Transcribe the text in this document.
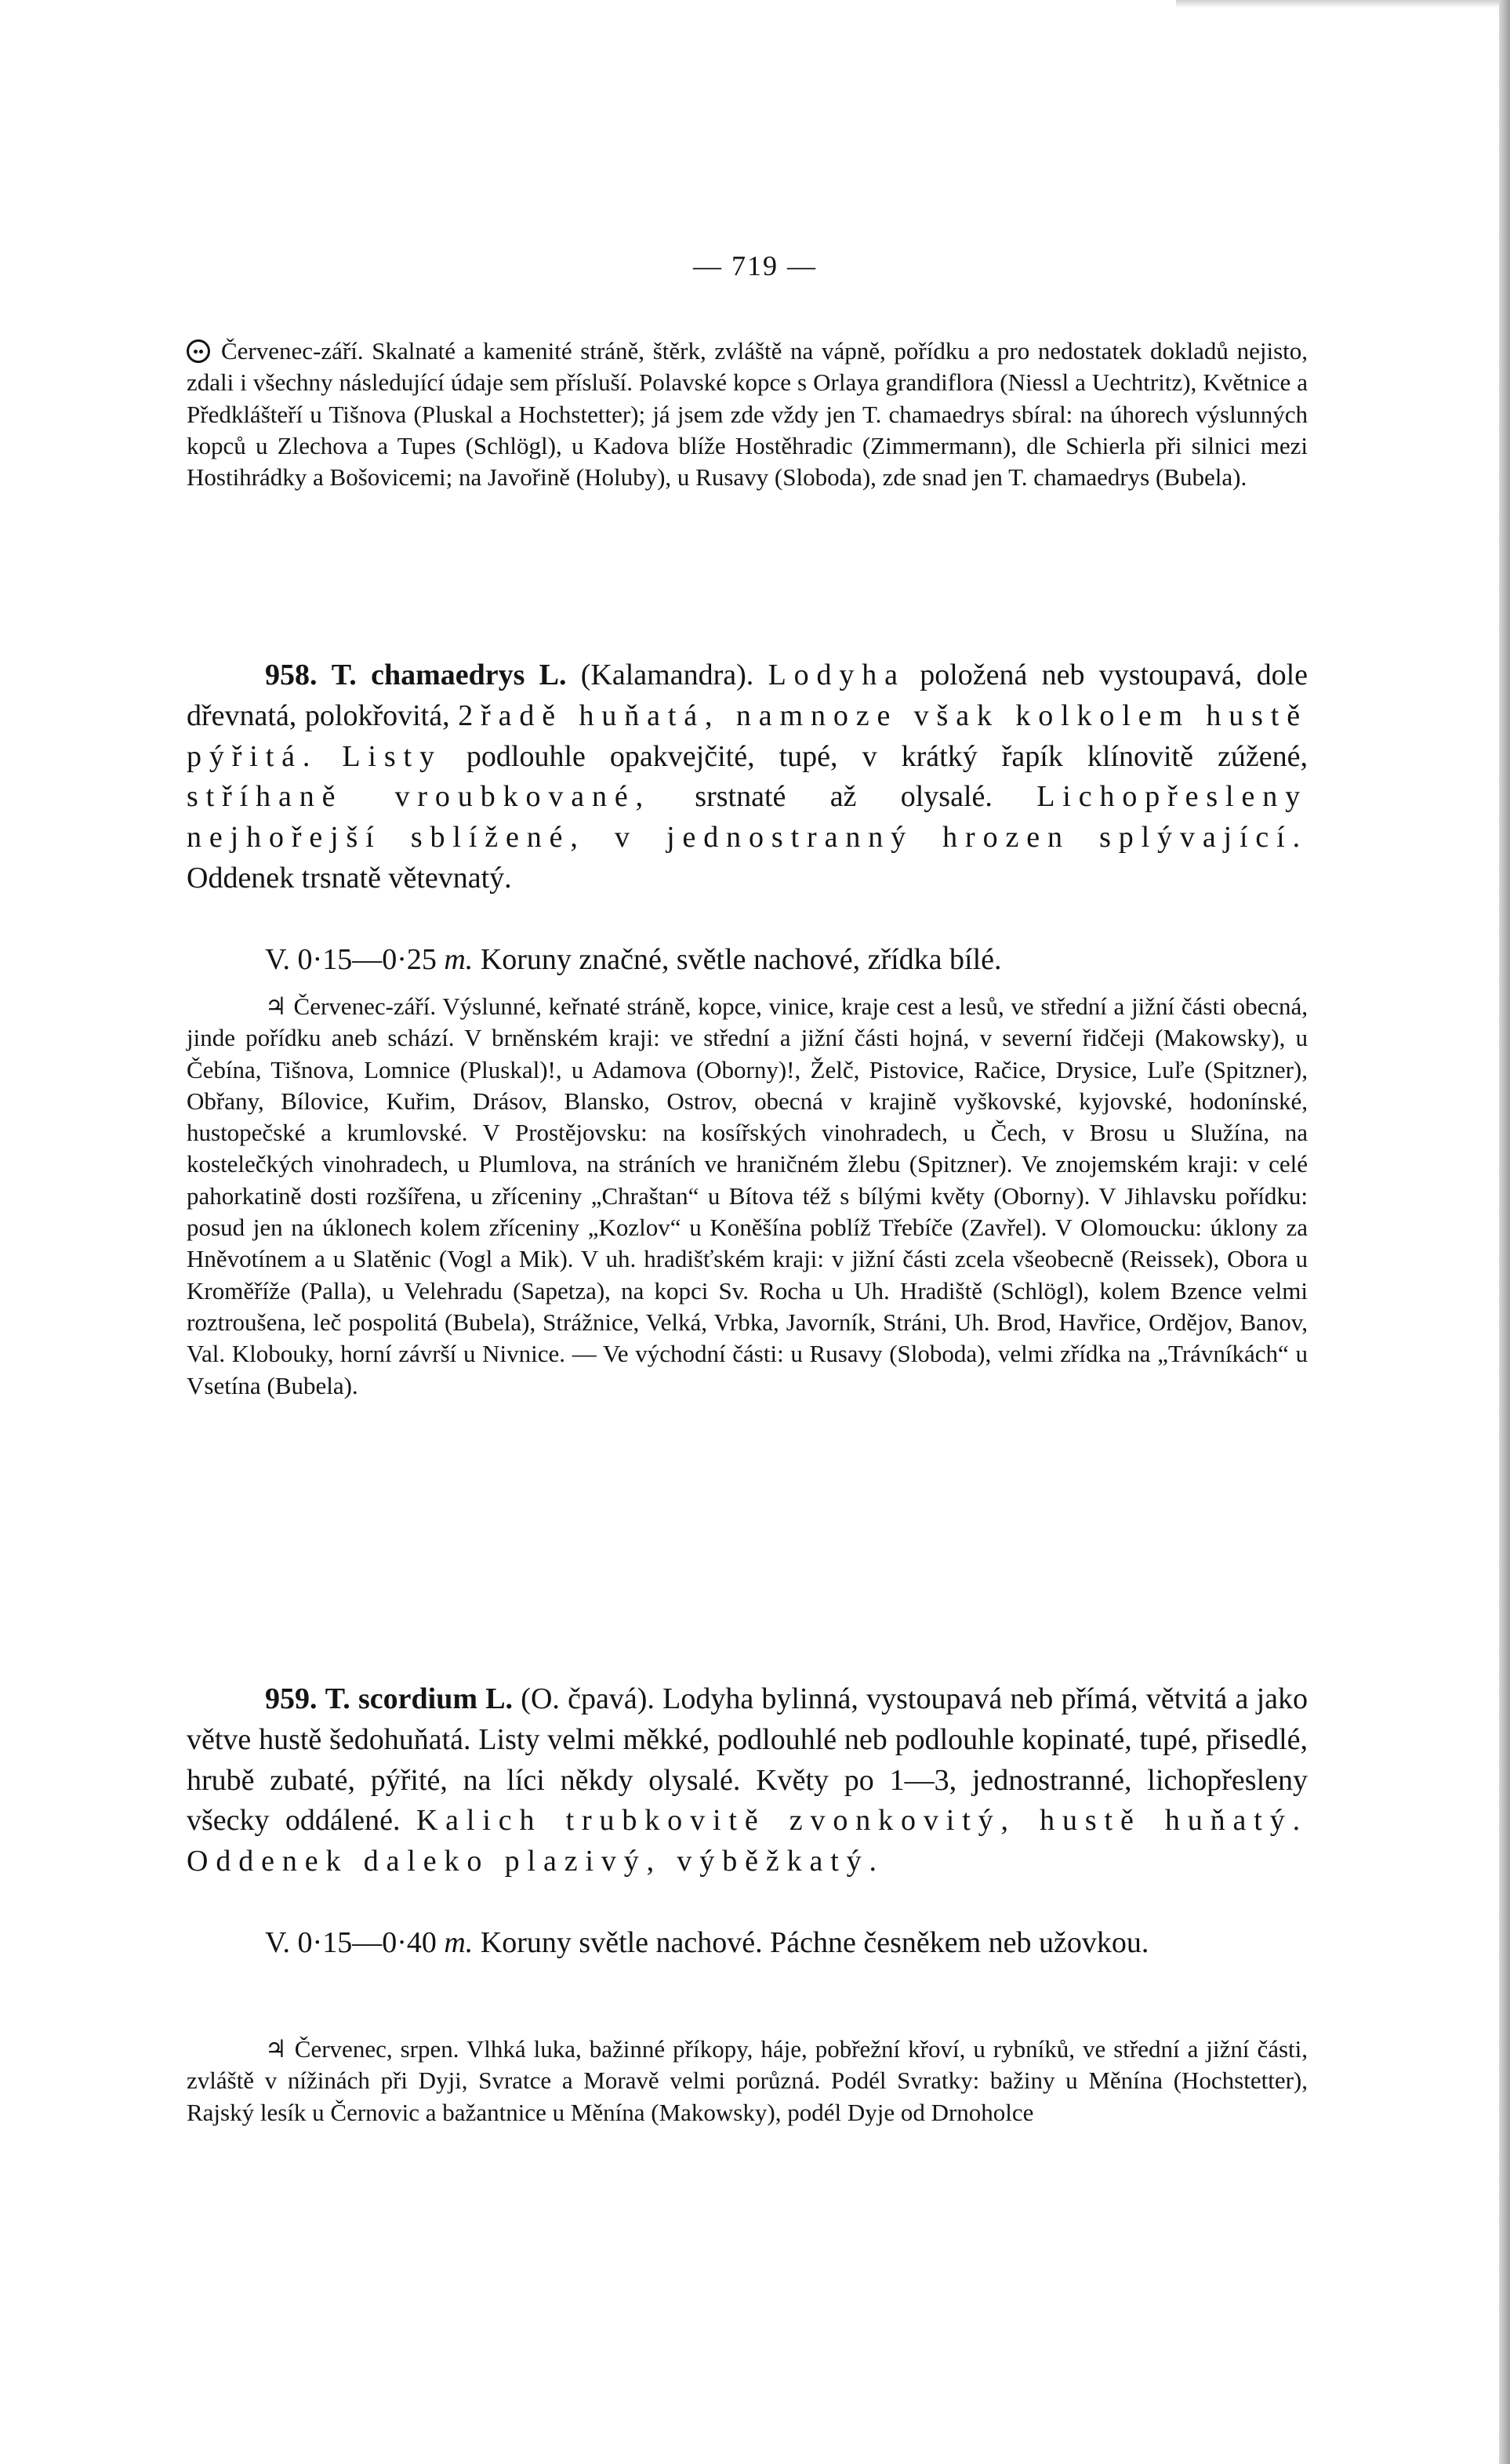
— 719 —
Červenec-září. Skalnaté a kamenité stráně, štěrk, zvláště na vápně, pořídku a pro nedostatek dokladů nejisto, zdali i všechny následující údaje sem přísluší. Polavské kopce s Orlaya grandiflora (Niessl a Uechtritz), Květnice a Předklášteří u Tišnova (Pluskal a Hochstetter); já jsem zde vždy jen T. chamaedrys sbíral: na úhorech výslunných kopců u Zlechova a Tupes (Schlögl), u Kadova blíže Hostěhradic (Zimmermann), dle Schierla při silnici mezi Hostihrádky a Bošovicemi; na Javořině (Holuby), u Rusavy (Sloboda), zde snad jen T. chamaedrys (Bubela).
958. T. chamaedrys L. (Kalamandra). Lodyha položená neb vystoupavá, dole dřevnatá, polokřovitá, 2řadě huňatá, namnoze však kolkolem hustě pýřitá. Listy podlouhle opakvejčité, tupé, v krátký řapík klínovitě zúžené, stříhaně vroubkované, srstnaté až olysalé. Lichopřesleny nejhořejší sblížené, v jednostranný hrozen splývající. Oddenek trsnatě větevnatý.
V. 0·15—0·25 m. Koruny značné, světle nachové, zřídka bílé.
♃ Červenec-září. Výslunné, keřnaté stráně, kopce, vinice, kraje cest a lesů, ve střední a jižní části obecná, jinde pořídku aneb schází. V brněnském kraji: ve střední a jižní části hojná, v severní řidčeji (Makowsky), u Čebína, Tišnova, Lomnice (Pluskal)!, u Adamova (Oborny)!, Želč, Pistovice, Račice, Drysice, Luľe (Spitzner), Obřany, Bílovice, Kuřim, Drásov, Blansko, Ostrov, obecná v krajině vyškovské, kyjovské, hodonínské, hustopečské a krumlovské. V Prostějovsku: na kosířských vinohradech, u Čech, v Brosu u Služína, na kostelečkých vinohradech, u Plumlova, na stráních ve hraničném žlebu (Spitzner). Ve znojemském kraji: v celé pahorkatině dosti rozšířena, u zříceniny „Chraštan“ u Bítova též s bílými květy (Oborny). V Jihlavsku pořídku: posud jen na úklonech kolem zříceniny „Kozlov“ u Koněšína poblíž Třebíče (Zavřel). V Olomoucku: úklony za Hněvotínem a u Slatěnic (Vogl a Mik). V uh. hradišťském kraji: v jižní části zcela všeobecně (Reissek), Obora u Kroměříže (Palla), u Velehradu (Sapetza), na kopci Sv. Rocha u Uh. Hradiště (Schlögl), kolem Bzence velmi roztroušena, leč pospolitá (Bubela), Strážnice, Velká, Vrbka, Javorník, Stráni, Uh. Brod, Havřice, Ordějov, Banov, Val. Klobouky, horní závrší u Nivnice. — Ve východní části: u Rusavy (Sloboda), velmi zřídka na „Trávníkách“ u Vsetína (Bubela).
959. T. scordium L. (O. čpavá). Lodyha bylinná, vystoupavá neb přímá, větvitá a jako větve hustě šedohuňatá. Listy velmi měkké, podlouhlé neb podlouhle kopinaté, tupé, přisedlé, hrubě zubaté, pýřité, na líci někdy olysalé. Květy po 1—3, jednostranné, lichopřesleny všecky oddálené. Kalich trubkovitě zvonkovitý, hustě huňatý. Oddenek daleko plazivý, výběžkatý.
V. 0·15—0·40 m. Koruny světle nachové. Páchne česněkem neb užovkou.
♃ Červenec, srpen. Vlhká luka, bažinné příkopy, háje, pobřežní křoví, u rybníků, ve střední a jižní části, zvláště v nížinách při Dyji, Svratce a Moravě velmi porůzná. Podél Svratky: bažiny u Měnína (Hochstetter), Rajský lesík u Černovic a bažantnice u Měnína (Makowsky), podél Dyje od Drnoholce
